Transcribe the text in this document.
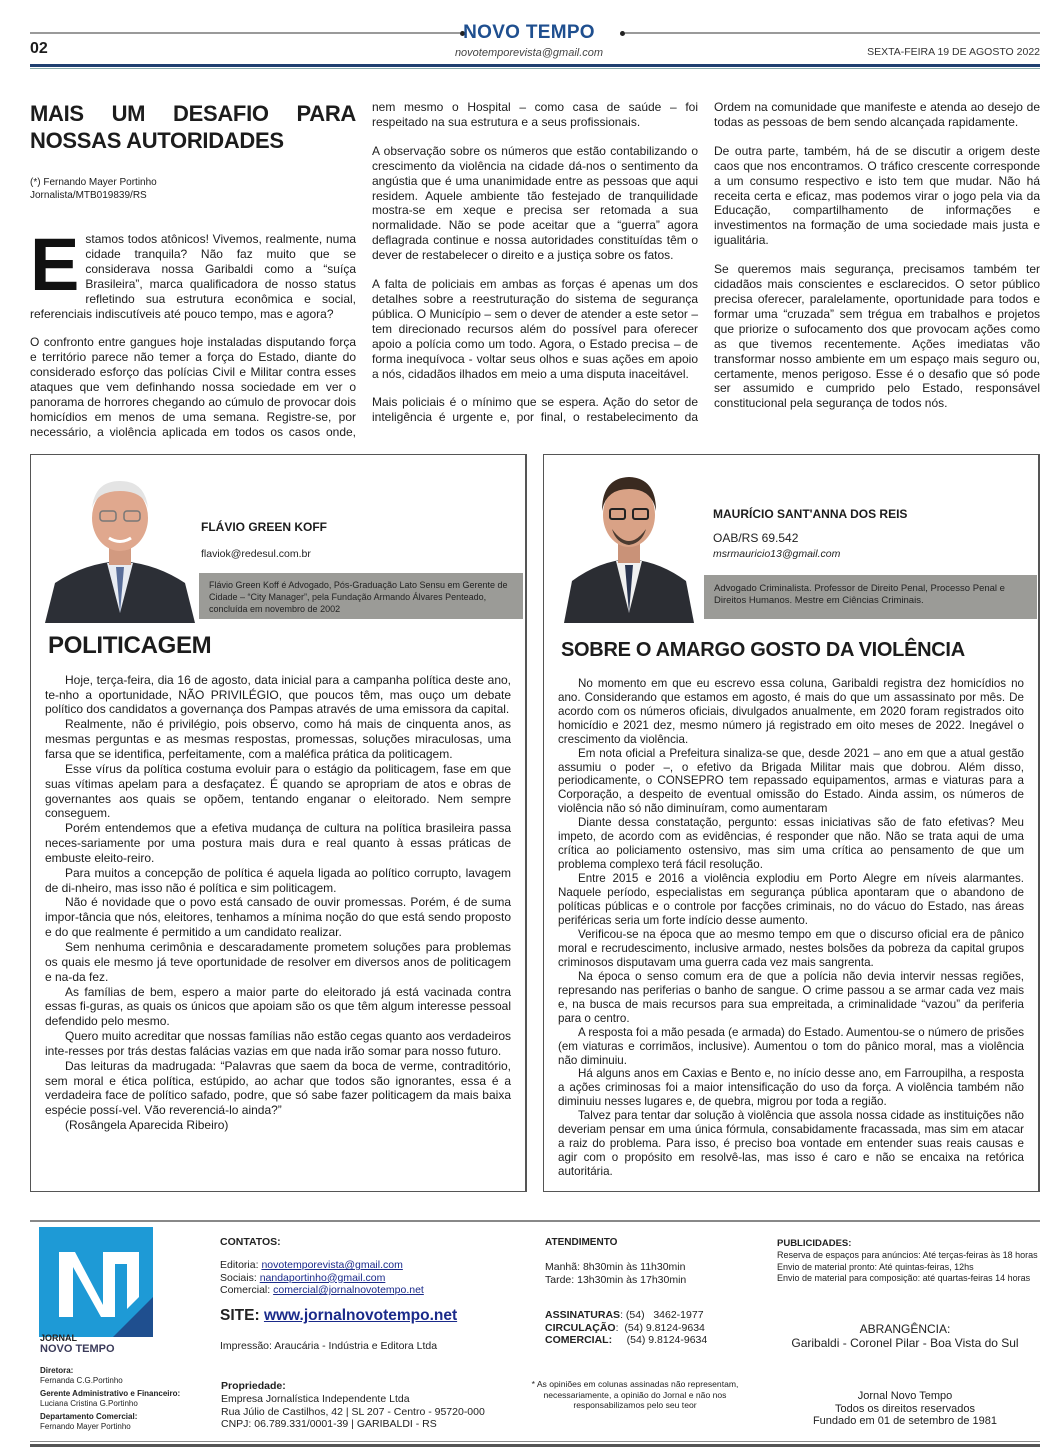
NOVO TEMPO
02	novotemporevista@gmail.com	SEXTA-FEIRA 19 DE AGOSTO 2022
MAIS UM DESAFIO PARA NOSSAS AUTORIDADES
(*) Fernando Mayer Portinho
Jornalista/MTB019839/RS

Estamos todos atônicos! Vivemos, realmente, numa cidade tranquila? Não faz muito que se considerava nossa Garibaldi como a “suíça Brasileira”, marca qualificadora de nosso status refletindo sua estrutura econômica e social, referenciais indiscutíveis até pouco tempo, mas e agora?

O confronto entre gangues hoje instaladas disputando força e território parece não temer a força do Estado, diante do considerado esforço das polícias Civil e Militar contra esses ataques que vem definhando nossa sociedade em ver o panorama de horrores chegando ao cúmulo de provocar dois homicídios em menos de uma semana. Registre-se, por necessário, a violência aplicada em todos os casos onde, nem mesmo o Hospital – como casa de saúde – foi respeitado na sua estrutura e a seus profissionais.

A observação sobre os números que estão contabilizando o crescimento da violência na cidade dá-nos o sentimento da angústia que é uma unanimidade entre as pessoas que aqui residem. Aquele ambiente tão festejado de tranquilidade mostra-se em xeque e precisa ser retomada a sua normalidade. Não se pode aceitar que a “guerra” agora deflagrada continue e nossa autoridades constituídas têm o dever de restabelecer o direito e a justiça sobre os fatos.

A falta de policiais em ambas as forças é apenas um dos detalhes sobre a reestruturação do sistema de segurança pública. O Município – sem o dever de atender a este setor – tem direcionado recursos além do possível para oferecer apoio a polícia como um todo. Agora, o Estado precisa – de forma inequívoca - voltar seus olhos e suas ações em apoio a nós, cidadãos ilhados em meio a uma disputa inaceitável.

Mais policiais é o mínimo que se espera. Ação do setor de inteligência é urgente e, por final, o restabelecimento da Ordem na comunidade que manifeste e atenda ao desejo de todas as pessoas de bem sendo alcançada rapidamente.

De outra parte, também, há de se discutir a origem deste caos que nos encontramos. O tráfico crescente corresponde a um consumo respectivo e isto tem que mudar. Não há receita certa e eficaz, mas podemos virar o jogo pela via da Educação, compartilhamento de informações e investimentos na formação de uma sociedade mais justa e igualitária.

Se queremos mais segurança, precisamos também ter cidadãos mais conscientes e esclarecidos. O setor público precisa oferecer, paralelamente, oportunidade para todos e formar uma “cruzada” sem trégua em trabalhos e projetos que priorize o sufocamento dos que provocam ações como as que tivemos recentemente. Ações imediatas vão transformar nosso ambiente em um espaço mais seguro ou, certamente, menos perigoso. Esse é o desafio que só pode ser assumido e cumprido pelo Estado, responsável constitucional pela segurança de todos nós.

FLÁVIO GREEN KOFF
flaviok@redesul.com.br
Flávio Green Koff é Advogado, Pós-Graduação Lato Sensu em Gerente de Cidade – “City Manager”, pela Fundação Armando Álvares Penteado, concluída em novembro de 2002
POLITICAGEM

Hoje, terça-feira, dia 16 de agosto, data inicial para a campanha política deste ano, te-nho a oportunidade, NÃO PRIVILÉGIO, que poucos têm, mas ouço um debate político dos candidatos a governança dos Pampas através de uma emissora da capital.

Realmente, não é privilégio, pois observo, como há mais de cinquenta anos, as mesmas perguntas e as mesmas respostas, promessas, soluções miraculosas, uma farsa que se identifica, perfeitamente, com a maléfica prática da politicagem.

Esse vírus da política costuma evoluir para o estágio da politicagem, fase em que suas vítimas apelam para a desfaçatez. É quando se apropriam de atos e obras de governantes aos quais se opõem, tentando enganar o eleitorado. Nem sempre conseguem.

Porém entendemos que a efetiva mudança de cultura na política brasileira passa neces-sariamente por uma postura mais dura e real quanto à essas práticas de embuste eleito-reiro.

Para muitos a concepção de política é aquela ligada ao político corrupto, lavagem de di-nheiro, mas isso não é política e sim politicagem.

Não é novidade que o povo está cansado de ouvir promessas. Porém, é de suma impor-tância que nós, eleitores, tenhamos a mínima noção do que está sendo proposto e do que realmente é permitido a um candidato realizar.

Sem nenhuma cerimônia e descaradamente prometem soluções para problemas os quais ele mesmo já teve oportunidade de resolver em diversos anos de politicagem e na-da fez.

As famílias de bem, espero a maior parte do eleitorado já está vacinada contra essas fi-guras, as quais os únicos que apoiam são os que têm algum interesse pessoal defendido pelo mesmo.

Quero muito acreditar que nossas famílias não estão cegas quanto aos verdadeiros inte-resses por trás destas falácias vazias em que nada irão somar para nosso futuro.

Das leituras da madrugada: “Palavras que saem da boca de verme, contraditório, sem moral e ética política, estúpido, ao achar que todos são ignorantes, essa é a verdadeira face de político safado, podre, que só sabe fazer politicagem da mais baixa espécie possí-vel. Vão reverenciá-lo ainda?”

(Rosângela Aparecida Ribeiro)

MAURÍCIO SANT'ANNA DOS REIS
OAB/RS 69.542
msrmauricio13@gmail.com
Advogado Criminalista. Professor de Direito Penal, Processo Penal e Direitos Humanos. Mestre em Ciências Criminais.
SOBRE O AMARGO GOSTO DA VIOLÊNCIA

No momento em que eu escrevo essa coluna, Garibaldi registra dez homicídios no ano. Considerando que estamos em agosto, é mais do que um assassinato por mês. De acordo com os números oficiais, divulgados anualmente, em 2020 foram registrados oito homicídio e 2021 dez, mesmo número já registrado em oito meses de 2022. Inegável o crescimento da violência.

Em nota oficial a Prefeitura sinaliza-se que, desde 2021 – ano em que a atual gestão assumiu o poder –, o efetivo da Brigada Militar mais que dobrou. Além disso, periodicamente, o CONSEPRO tem repassado equipamentos, armas e viaturas para a Corporação, a despeito de eventual omissão do Estado. Ainda assim, os números de violência não só não diminuíram, como aumentaram

Diante dessa constatação, pergunto: essas iniciativas são de fato efetivas? Meu impeto, de acordo com as evidências, é responder que não. Não se trata aqui de uma crítica ao policiamento ostensivo, mas sim uma crítica ao pensamento de que um problema complexo terá fácil resolução.

Entre 2015 e 2016 a violência explodiu em Porto Alegre em níveis alarmantes. Naquele período, especialistas em segurança pública apontaram que o abandono de políticas públicas e o controle por facções criminais, no do vácuo do Estado, nas áreas periféricas seria um forte indício desse aumento.

Verificou-se na época que ao mesmo tempo em que o discurso oficial era de pânico moral e recrudescimento, inclusive armado, nestes bolsões da pobreza da capital grupos criminosos disputavam uma guerra cada vez mais sangrenta.

Na época o senso comum era de que a polícia não devia intervir nessas regiões, represando nas periferias o banho de sangue. O crime passou a se armar cada vez mais e, na busca de mais recursos para sua empreitada, a criminalidade “vazou” da periferia para o centro.

A resposta foi a mão pesada (e armada) do Estado. Aumentou-se o número de prisões (em viaturas e corrimãos, inclusive). Aumentou o tom do pânico moral, mas a violência não diminuiu.

Há alguns anos em Caxias e Bento e, no início desse ano, em Farroupilha, a resposta a ações criminosas foi a maior intensificação do uso da força. A violência também não diminuiu nesses lugares e, de quebra, migrou por toda a região.

Talvez para tentar dar solução à violência que assola nossa cidade as instituições não deveriam pensar em uma única fórmula, consabidamente fracassada, mas sim em atacar a raiz do problema. Para isso, é preciso boa vontade em entender suas reais causas e agir com o propósito em resolvê-las, mas isso é caro e não se encaixa na retórica autoritária.

JORNAL
NOVO TEMPO
Diretora:
Fernanda C.G.Portinho
Gerente Administrativo e Financeiro:
Luciana Cristina G.Portinho
Departamento Comercial:
Fernando Mayer Portinho
CONTATOS:
Editoria: novotemporevista@gmail.com
Sociais: nandaportinho@gmail.com
Comercial: comercial@jornalnovotempo.net
SITE: www.jornalnovotempo.net
Impressão: Araucária - Indústria e Editora Ltda
Propriedade:
Empresa Jornalística Independente Ltda
Rua Júlio de Castilhos, 42 | SL 207 - Centro - 95720-000
CNPJ: 06.789.331/0001-39 | GARIBALDI - RS
ATENDIMENTO
Manhã: 8h30min às 11h30min
Tarde: 13h30min às 17h30min
ASSINATURAS: (54)   3462-1977
CIRCULAÇÃO:  (54) 9.8124-9634
COMERCIAL:     (54) 9.8124-9634
* As opiniões em colunas assinadas não representam, necessariamente, a opinião do Jornal e não nos responsabilizamos pelo seu teor
PUBLICIDADES:
Reserva de espaços para anúncios: Até terças-feiras às 18 horas
Envio de material pronto: Até quintas-feiras, 12hs
Envio de material para composição: até quartas-feiras 14 horas
ABRANGÊNCIA:
Garibaldi - Coronel Pilar - Boa Vista do Sul
Jornal Novo Tempo
Todos os direitos reservados
Fundado em 01 de setembro de 1981
